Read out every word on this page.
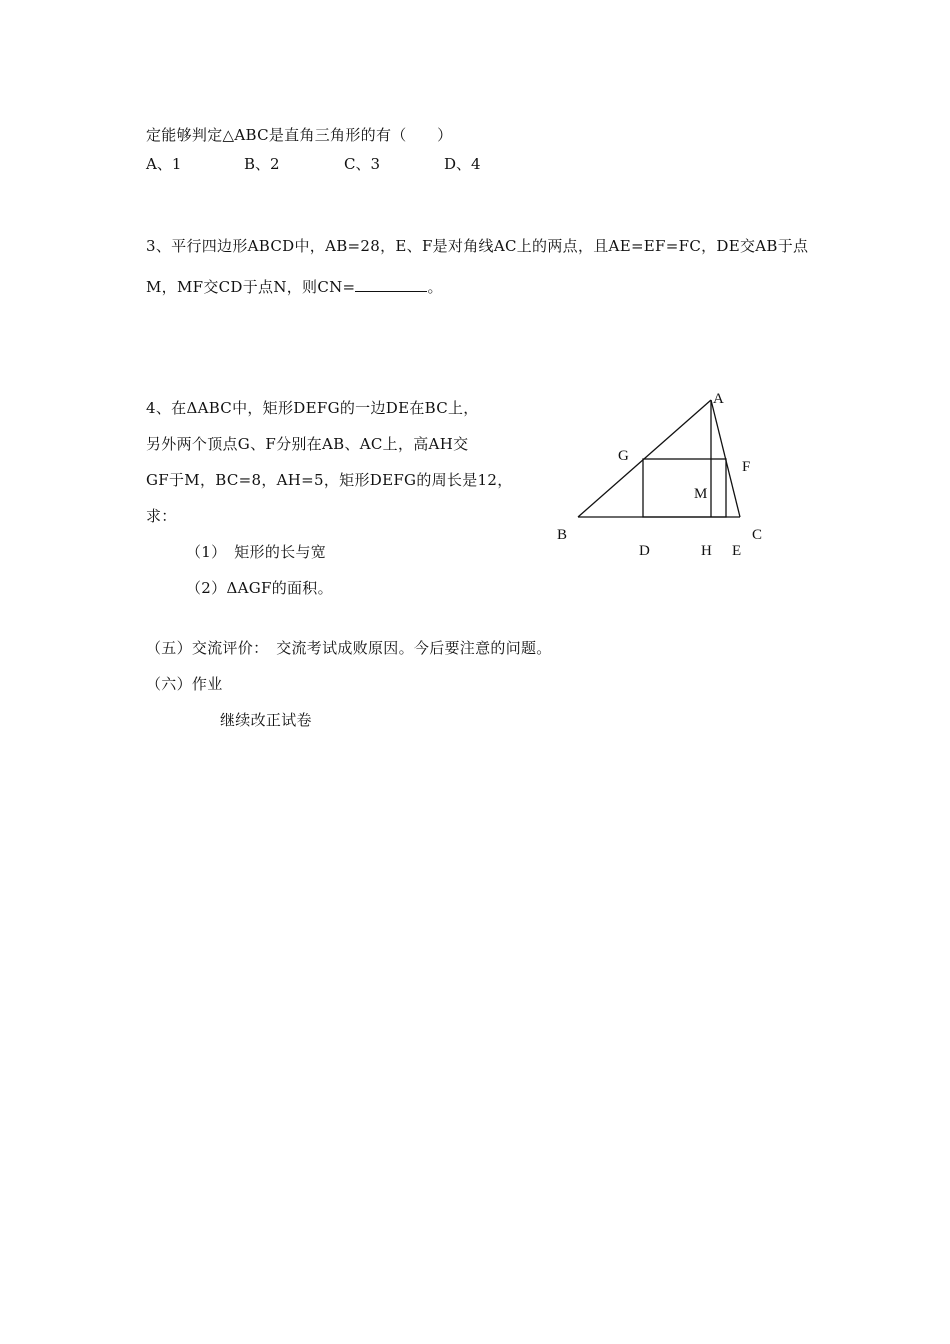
定能够判定△ABC是直角三角形的有（　　）
A、1	B、2	C、3	D、4
3、平行四边形ABCD中，AB=28，E、F是对角线AC上的两点，且AE=EF=FC，DE交AB于点
M，MF交CD于点N，则CN=	。
4、在ΔABC中，矩形DEFG的一边DE在BC上，
另外两个顶点G、F分别在AB、AC上，高AH交
GF于M，BC=8，AH=5，矩形DEFG的周长是12，
求：
（1）　矩形的长与宽
（2）ΔAGF的面积。
A
G
F
M
B	C
D	H E
（五）交流评价：　交流考试成败原因。今后要注意的问题。
（六）作业
继续改正试卷
